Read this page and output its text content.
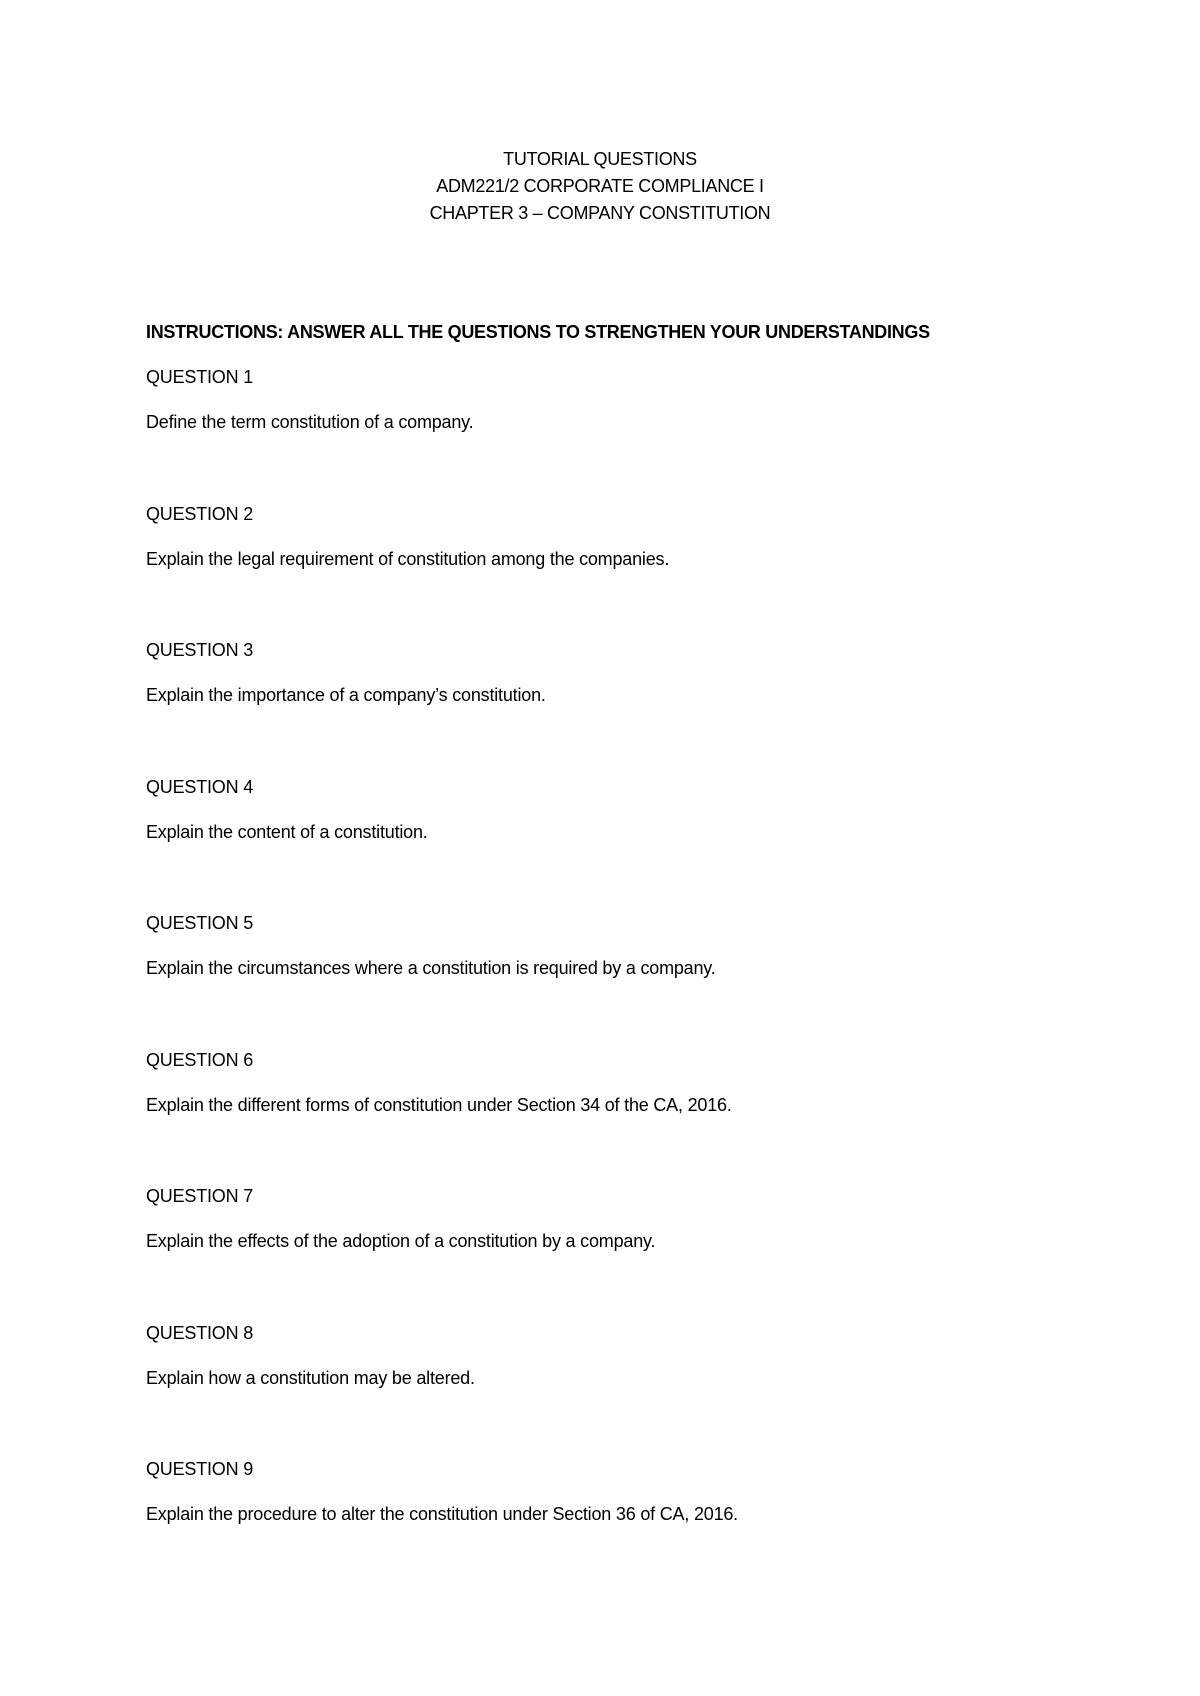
TUTORIAL QUESTIONS
ADM221/2 CORPORATE COMPLIANCE I
CHAPTER 3 – COMPANY CONSTITUTION
INSTRUCTIONS: ANSWER ALL THE QUESTIONS TO STRENGTHEN YOUR UNDERSTANDINGS
QUESTION 1
Define the term constitution of a company.
QUESTION 2
Explain the legal requirement of constitution among the companies.
QUESTION 3
Explain the importance of a company’s constitution.
QUESTION 4
Explain the content of a constitution.
QUESTION 5
Explain the circumstances where a constitution is required by a company.
QUESTION 6
Explain the different forms of constitution under Section 34 of the CA, 2016.
QUESTION 7
Explain the effects of the adoption of a constitution by a company.
QUESTION 8
Explain how a constitution may be altered.
QUESTION 9
Explain the procedure to alter the constitution under Section 36 of CA, 2016.
